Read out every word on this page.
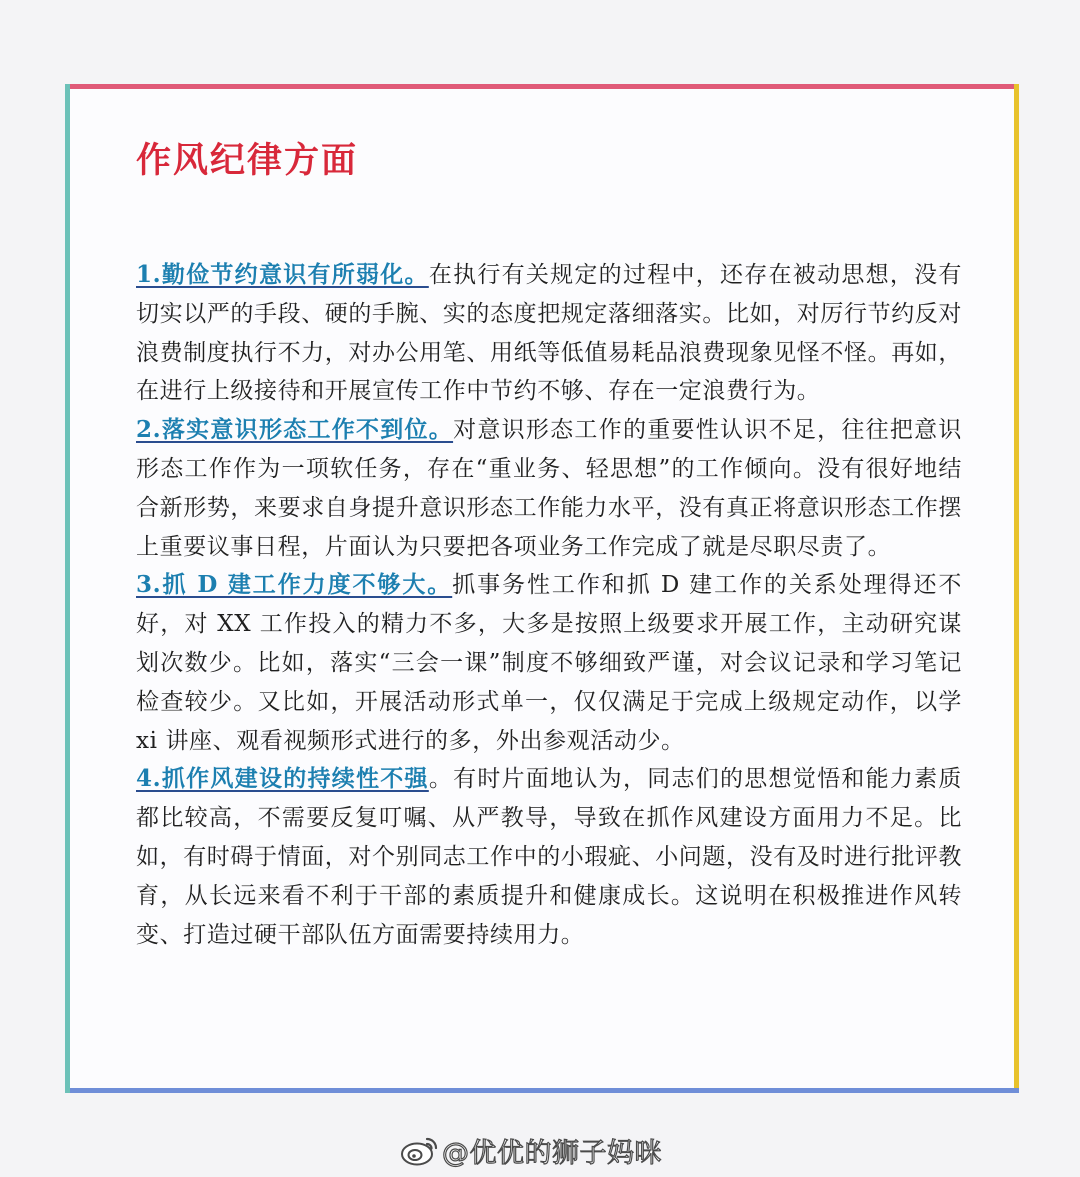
作风纪律方面

1.勤俭节约意识有所弱化。在执行有关规定的过程中，还存在被动思想，没有切实以严的手段、硬的手腕、实的态度把规定落细落实。比如，对厉行节约反对浪费制度执行不力，对办公用笔、用纸等低值易耗品浪费现象见怪不怪。再如，在进行上级接待和开展宣传工作中节约不够、存在一定浪费行为。

2.落实意识形态工作不到位。对意识形态工作的重要性认识不足，往往把意识形态工作作为一项软任务，存在“重业务、轻思想”的工作倾向。没有很好地结合新形势，来要求自身提升意识形态工作能力水平，没有真正将意识形态工作摆上重要议事日程，片面认为只要把各项业务工作完成了就是尽职尽责了。

3.抓 D 建工作力度不够大。抓事务性工作和抓 D 建工作的关系处理得还不好，对 XX 工作投入的精力不多，大多是按照上级要求开展工作，主动研究谋划次数少。比如，落实“三会一课”制度不够细致严谨，对会议记录和学习笔记检查较少。又比如，开展活动形式单一，仅仅满足于完成上级规定动作，以学 xi 讲座、观看视频形式进行的多，外出参观活动少。

4.抓作风建设的持续性不强。有时片面地认为，同志们的思想觉悟和能力素质都比较高，不需要反复叮嘱、从严教导，导致在抓作风建设方面用力不足。比如，有时碍于情面，对个别同志工作中的小瑕疵、小问题，没有及时进行批评教育，从长远来看不利于干部的素质提升和健康成长。这说明在积极推进作风转变、打造过硬干部队伍方面需要持续用力。

@优优的狮子妈咪
